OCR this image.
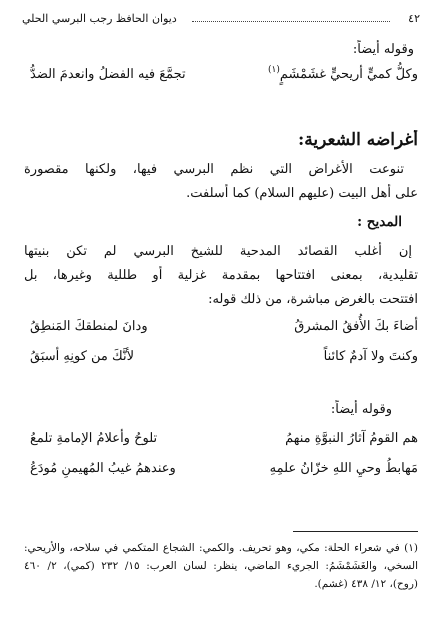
٤٢
ديوان الحافظ رجب البرسي الحلي
وقوله أيضاً:
وكلُّ كميٍّ أريحيٍّ غشَمْشَمٍ$^{(١)}$
تجمَّعَ فيه الفضلُ وانعدمَ الضدُّ
أغراضه الشعرية:
تنوعت الأغراض التي نظم البرسي فيها، ولكنها مقصورة
على أهل البيت (عليهم السلام) كما أسلفت.
المديح :
إن أغلب القصائد المدحية للشيخ البرسي لم تكن بنيتها
تقليدية، بمعنى افتتاحها بمقدمة غزلية أو طللية وغيرها، بل
افتتحت بالغرض مباشرة، من ذلك قوله:
أضاءَ بكَ الأُفقُ المشرقُ
ودانَ لمنطقكَ المَنطِقُ
وكنتَ ولا آدمٌ كائناً
لأنَّكَ من كونِهِ أسبَقُ
وقوله أيضاً:
هم القومُ آثارُ النبوَّةِ منهمُ
تلوحُ وأعلامُ الإمامةِ تلمعُ
مَهابطُ وحيِ اللهِ خزّانُ علمِهِ
وعندهمُ غيبُ المُهيمنِ مُودَعُ
(١) في شعراء الحلة: مكي، وهو تحريف. والكمي: الشجاع المتكمي في سلاحه، والأريحي:
السخي، والغَشَمْشَمُ: الجريء الماضي، ينظر: لسان العرب: ١٥/ ٢٣٢ (كمي)، ٢/ ٤٦٠
(روح)، ١٢/ ٤٣٨ (غشم).
